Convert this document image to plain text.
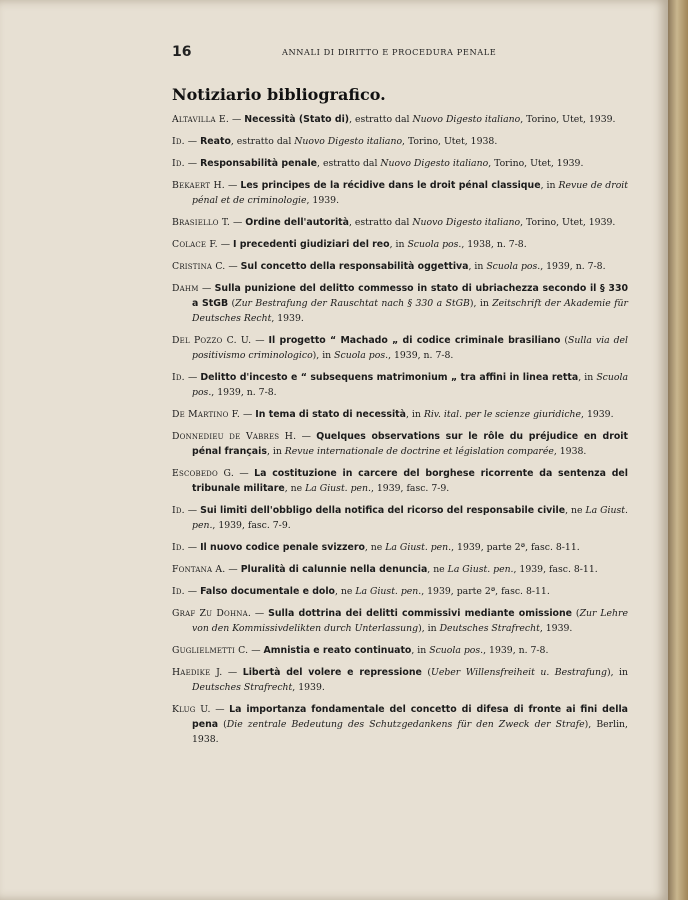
16	ANNALI DI DIRITTO E PROCEDURA PENALE
Notiziario bibliografico.

Altavilla E. — Necessità (Stato di), estratto dal Nuovo Digesto italiano, Torino, Utet, 1939.

Id. — Reato, estratto dal Nuovo Digesto italiano, Torino, Utet, 1938.

Id. — Responsabilità penale, estratto dal Nuovo Digesto italiano, Torino, Utet, 1939.

Bekaert H. — Les principes de la récidive dans le droit pénal classique, in Revue de droit pénal et de criminologie, 1939.

Brasiello T. — Ordine dell'autorità, estratto dal Nuovo Digesto italiano, Torino, Utet, 1939.

Colace F. — I precedenti giudiziari del reo, in Scuola pos., 1938, n. 7-8.

Cristina C. — Sul concetto della responsabilità oggettiva, in Scuola pos., 1939, n. 7-8.

Dahm — Sulla punizione del delitto commesso in stato di ubriachezza secondo il § 330 a StGB (Zur Bestrafung der Rauschtat nach § 330 a StGB), in Zeitschrift der Akademie für Deutsches Recht, 1939.

Del Pozzo C. U. — Il progetto “ Machado „ di codice criminale brasiliano (Sulla via del positivismo criminologico), in Scuola pos., 1939, n. 7-8.

Id. — Delitto d'incesto e “ subsequens matrimonium „ tra affini in linea retta, in Scuola pos., 1939, n. 7-8.

De Martino F. — In tema di stato di necessità, in Riv. ital. per le scienze giuridiche, 1939.

Donnedieu de Vabres H. — Quelques observations sur le rôle du préjudice en droit pénal français, in Revue internationale de doctrine et législation comparée, 1938.

Escobedo G. — La costituzione in carcere del borghese ricorrente da sentenza del tribunale militare, ne La Giust. pen., 1939, fasc. 7-9.

Id. — Sui limiti dell'obbligo della notifica del ricorso del responsabile civile, ne La Giust. pen., 1939, fasc. 7-9.

Id. — Il nuovo codice penale svizzero, ne La Giust. pen., 1939, parte 2ª, fasc. 8-11.

Fontana A. — Pluralità di calunnie nella denuncia, ne La Giust. pen., 1939, fasc. 8-11.

Id. — Falso documentale e dolo, ne La Giust. pen., 1939, parte 2ª, fasc. 8-11.

Graf Zu Dohna. — Sulla dottrina dei delitti commissivi mediante omissione (Zur Lehre von den Kommissivdelikten durch Unterlassung), in Deutsches Strafrecht, 1939.

Guglielmetti C. — Amnistia e reato continuato, in Scuola pos., 1939, n. 7-8.

Haedike J. — Libertà del volere e repressione (Ueber Willensfreiheit u. Bestrafung), in Deutsches Strafrecht, 1939.

Klug U. — La importanza fondamentale del concetto di difesa di fronte ai fini della pena (Die zentrale Bedeutung des Schutzgedankens für den Zweck der Strafe), Berlin, 1938.
